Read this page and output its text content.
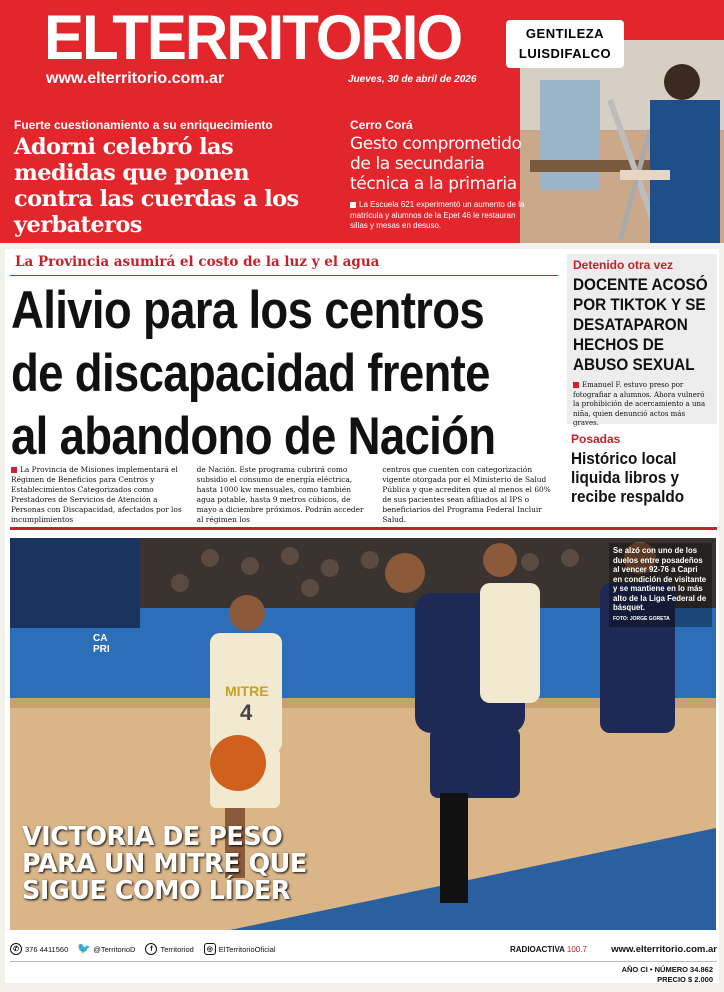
ELTERRITORIO
www.elterritorio.com.ar	Jueves, 30 de abril de 2026
GENTILEZA
LUISDIFALCO
Fuerte cuestionamiento a su enriquecimiento
Adorni celebró las medidas que ponen contra las cuerdas a los yerbateros
Cerro Corá
Gesto comprometido de la secundaria técnica a la primaria
La Escuela 621 experimentó un aumento de la matrícula y alumnos de la Epet 46 le restauran sillas y mesas en desuso.
La Provincia asumirá el costo de la luz y el agua
Alivio para los centros
de discapacidad frente
al abandono de Nación

La Provincia de Misiones implementará el Régimen de Beneficios para Centros y Establecimientos Categorizados como Prestadores de Servicios de Atención a Personas con Discapacidad, afectados por los incumplimientos

de Nación. Este programa cubrirá como subsidio el consumo de energía eléctrica, hasta 1000 kw mensuales, como también agua potable, hasta 9 metros cúbicos, de mayo a diciembre próximos. Podrán acceder al régimen los

centros que cuenten con categorización vigente otorgada por el Ministerio de Salud Pública y que acrediten que al menos el 60% de sus pacientes sean afiliados al IPS o beneficiarios del Programa Federal Incluir Salud.

Detenido otra vez
DOCENTE ACOSÓ POR TIKTOK Y SE DESATAPARON HECHOS DE ABUSO SEXUAL
Emanuel F. estuvo preso por fotografiar a alumnos. Ahora vulneró la prohibición de acercamiento a una niña, quien denunció actos más graves.
Posadas
Histórico local liquida libros y recibe respaldo
MITRE
4
CA PRI
Se alzó con uno de los duelos entre posadeños al vencer 92-76 a Capri en condición de visitante y se mantiene en lo más alto de la Liga Federal de básquet.
FOTO: JORGE GORETA
VICTORIA DE PESO
PARA UN MITRE QUE
SIGUE COMO LÍDER
✆ 376 4411560 🐦 @TerritorioD	f	Territoriod	◎ ElTerritorioOficial	RADIOACTIVA 100.7	www.elterritorio.com.ar
AÑO CI • NÚMERO 34.862
PRECIO $ 2.000
